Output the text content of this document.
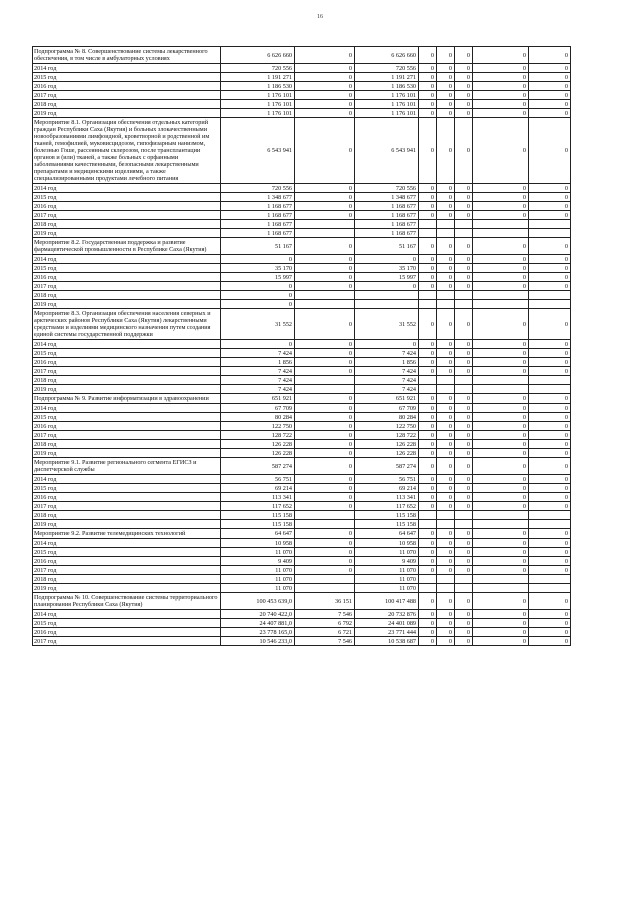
16
Подпрограмма № 8. Совершенствование системы лекарственного обеспечения, в том числе в амбулаторных условиях	6 626 660	0	6 626 660	0	0	0	0	0
2014 год	720 556	0	720 556	0	0	0	0	0
2015 год	1 191 271	0	1 191 271	0	0	0	0	0
2016 год	1 186 530	0	1 186 530	0	0	0	0	0
2017 год	1 176 101	0	1 176 101	0	0	0	0	0
2018 год	1 176 101	0	1 176 101	0	0	0	0	0
2019 год	1 176 101	0	1 176 101	0	0	0	0	0
Мероприятие 8.1. Организация обеспечения отдельных категорий граждан Республики Саха (Якутия) и больных злокачественными новообразованиями лимфоидной, кроветворной и родственной им тканей, гемофилией, муковисцидозом, гипофизарным нанизмом, болезнью Гоше, рассеянным склерозом, после трансплантации органов и (или) тканей, а также больных с орфанными заболеваниями качественными, безопасными лекарственными препаратами и медицинскими изделиями, а также специализированными продуктами лечебного питания	6 543 941	0	6 543 941	0	0	0	0	0
2014 год	720 556	0	720 556	0	0	0	0	0
2015 год	1 348 677	0	1 348 677	0	0	0	0	0
2016 год	1 168 677	0	1 168 677	0	0	0	0	0
2017 год	1 168 677	0	1 168 677	0	0	0	0	0
2018 год	1 168 677		1 168 677					
2019 год	1 168 677		1 168 677					
Мероприятие 8.2. Государственная поддержка и развитие фармацевтической промышленности в Республике Саха (Якутия)	51 167	0	51 167	0	0	0	0	0
2014 год	0	0	0	0	0	0	0	0
2015 год	35 170	0	35 170	0	0	0	0	0
2016 год	15 997	0	15 997	0	0	0	0	0
2017 год	0	0	0	0	0	0	0	0
2018 год	0							
2019 год	0							
Мероприятие 8.3. Организация обеспечения населения северных и арктических районов Республики Саха (Якутия) лекарственными средствами и изделиями медицинского назначения путем создания единой системы государственной поддержки	31 552	0	31 552	0	0	0	0	0
2014 год	0	0	0	0	0	0	0	0
2015 год	7 424	0	7 424	0	0	0	0	0
2016 год	1 856	0	1 856	0	0	0	0	0
2017 год	7 424	0	7 424	0	0	0	0	0
2018 год	7 424		7 424					
2019 год	7 424		7 424					
Подпрограмма № 9. Развитие информатизации в здравоохранении	651 921	0	651 921	0	0	0	0	0
2014 год	67 709	0	67 709	0	0	0	0	0
2015 год	80 284	0	80 284	0	0	0	0	0
2016 год	122 750	0	122 750	0	0	0	0	0
2017 год	128 722	0	128 722	0	0	0	0	0
2018 год	126 228	0	126 228	0	0	0	0	0
2019 год	126 228	0	126 228	0	0	0	0	0
Мероприятие 9.1. Развитие регионального сегмента ЕГИСЗ и диспетчерской службы	587 274	0	587 274	0	0	0	0	0
2014 год	56 751	0	56 751	0	0	0	0	0
2015 год	69 214	0	69 214	0	0	0	0	0
2016 год	113 341	0	113 341	0	0	0	0	0
2017 год	117 652	0	117 652	0	0	0	0	0
2018 год	115 158		115 158					
2019 год	115 158		115 158					
Мероприятие 9.2. Развитие телемедицинских технологий	64 647	0	64 647	0	0	0	0	0
2014 год	10 958	0	10 958	0	0	0	0	0
2015 год	11 070	0	11 070	0	0	0	0	0
2016 год	9 409	0	9 409	0	0	0	0	0
2017 год	11 070	0	11 070	0	0	0	0	0
2018 год	11 070		11 070					
2019 год	11 070		11 070					
Подпрограмма № 10. Совершенствование системы территориального планирования Республики Саха (Якутия)	100 453 639,0	36 151	100 417 488	0	0	0	0	0
2014 год	20 740 422,0	7 546	20 732 876	0	0	0	0	0
2015 год	24 407 881,0	6 792	24 401 089	0	0	0	0	0
2016 год	23 778 165,0	6 721	23 771 444	0	0	0	0	0
2017 год	10 546 233,0	7 546	10 538 687	0	0	0	0	0
